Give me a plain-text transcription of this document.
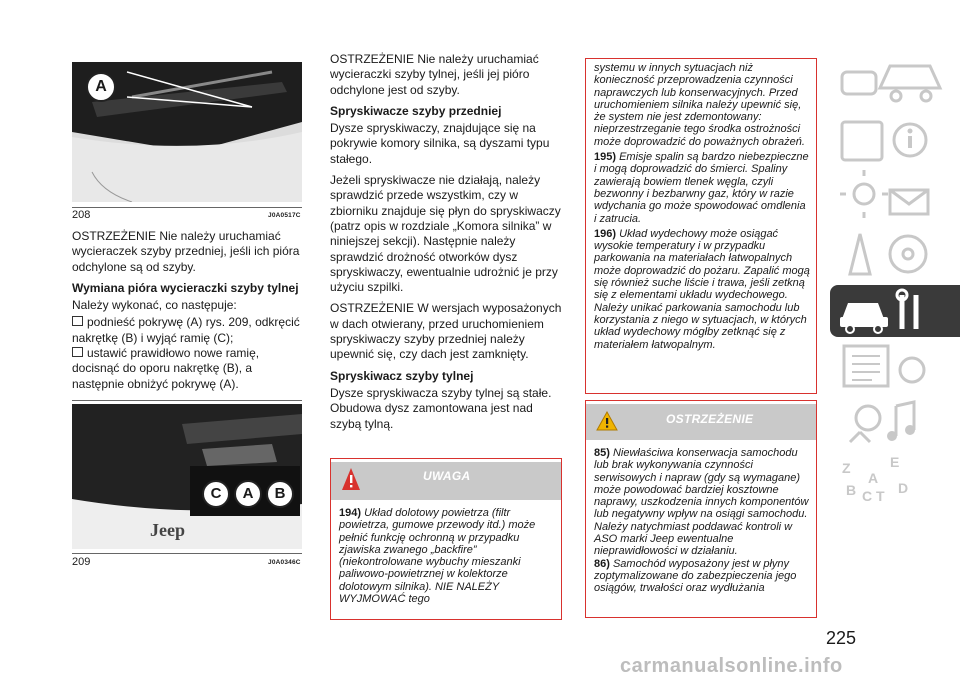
A
208	J0A0517C

OSTRZEŻENIE Nie należy uruchamiać wycieraczek szyby przedniej, jeśli ich pióra odchylone są od szyby.

Wymiana pióra wycieraczki szyby tylnej

Należy wykonać, co następuje:

podnieść pokrywę (A) rys. 209, odkręcić nakrętkę (B) i wyjąć ramię (C);
ustawić prawidłowo nowe ramię, docisnąć do oporu nakrętkę (B), a następnie obniżyć pokrywę (A).
Jeep
C	A	B
209	J0A0346C

OSTRZEŻENIE Nie należy uruchamiać wycieraczki szyby tylnej, jeśli jej pióro odchylone jest od szyby.

Spryskiwacze szyby przedniej

Dysze spryskiwaczy, znajdujące się na pokrywie komory silnika, są dyszami typu stałego.

Jeżeli spryskiwacze nie działają, należy sprawdzić przede wszystkim, czy w zbiorniku znajduje się płyn do spryskiwaczy (patrz opis w rozdziale „Komora silnika” w niniejszej sekcji). Następnie należy sprawdzić drożność otworków dysz spryskiwaczy, ewentualnie udrożnić je przy użyciu szpilki.

OSTRZEŻENIE W wersjach wyposażonych w dach otwierany, przed uruchomieniem spryskiwaczy szyby przedniej należy upewnić się, czy dach jest zamknięty.

Spryskiwacz szyby tylnej

Dysze spryskiwacza szyby tylnej są stałe. Obudowa dysz zamontowana jest nad szybą tylną.

UWAGA
194) Układ dolotowy powietrza (filtr powietrza, gumowe przewody itd.) może pełnić funkcję ochronną w przypadku zjawiska zwanego „backfire” (niekontrolowane wybuchy mieszanki paliwowo-powietrznej w kolektorze dolotowym silnika). NIE NALEŻY WYJMOWAĆ tego
systemu w innych sytuacjach niż konieczność przeprowadzenia czynności naprawczych lub konserwacyjnych. Przed uruchomieniem silnika należy upewnić się, że system nie jest zdemontowany: nieprzestrzeganie tego środka ostrożności może doprowadzić do poważnych obrażeń.
195) Emisje spalin są bardzo niebezpieczne i mogą doprowadzić do śmierci. Spaliny zawierają bowiem tlenek węgla, czyli bezwonny i bezbarwny gaz, który w razie wdychania go może spowodować omdlenia i zatrucia.
196) Układ wydechowy może osiągać wysokie temperatury i w przypadku parkowania na materiałach łatwopalnych może doprowadzić do pożaru. Zapalić mogą się również suche liście i trawa, jeśli zetkną się z elementami układu wydechowego. Należy unikać parkowania samochodu lub korzystania z niego w sytuacjach, w których układ wydechowy mógłby zetknąć się z materiałem łatwopalnym.
OSTRZEŻENIE
85) Niewłaściwa konserwacja samochodu lub brak wykonywania czynności serwisowych i napraw (gdy są wymagane) może powodować bardziej kosztowne naprawy, uszkodzenia innych komponentów lub negatywny wpływ na osiągi samochodu. Należy natychmiast poddawać kontroli w ASO marki Jeep ewentualne nieprawidłowości w działaniu.
86) Samochód wyposażony jest w płyny zoptymalizowane do zabezpieczenia jego osiągów, trwałości oraz wydłużania
Z	E
A
B C T D
225
carmanualsonline.info
